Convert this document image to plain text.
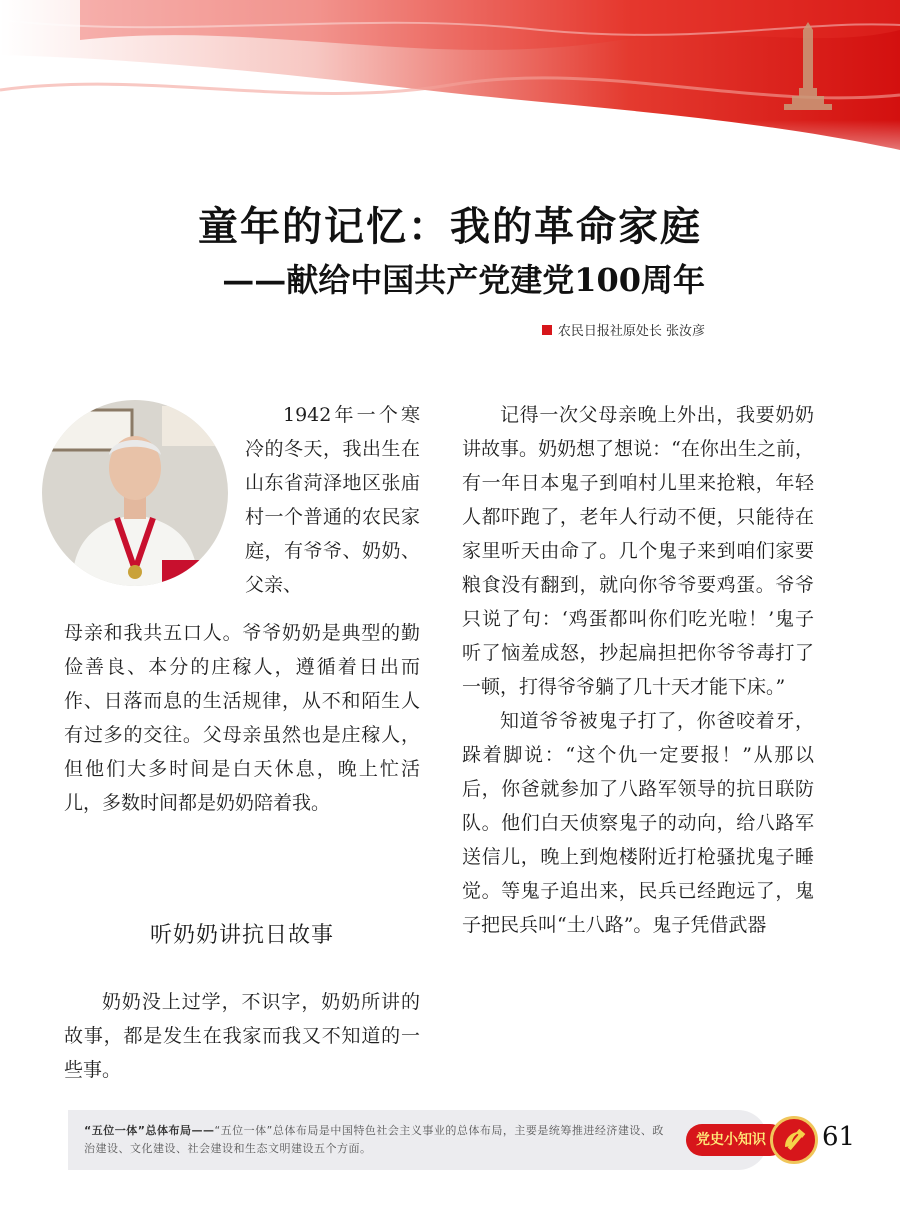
童年的记忆：我的革命家庭
——献给中国共产党建党100周年
农民日报社原处长 张汝彦

1942年一个寒冷的冬天，我出生在山东省菏泽地区张庙村一个普通的农民家庭，有爷爷、奶奶、父亲、

母亲和我共五口人。爷爷奶奶是典型的勤俭善良、本分的庄稼人，遵循着日出而作、日落而息的生活规律，从不和陌生人有过多的交往。父母亲虽然也是庄稼人，但他们大多时间是白天休息，晚上忙活儿，多数时间都是奶奶陪着我。

听奶奶讲抗日故事

奶奶没上过学，不识字，奶奶所讲的故事，都是发生在我家而我又不知道的一些事。

记得一次父母亲晚上外出，我要奶奶讲故事。奶奶想了想说：“在你出生之前，有一年日本鬼子到咱村儿里来抢粮，年轻人都吓跑了，老年人行动不便，只能待在家里听天由命了。几个鬼子来到咱们家要粮食没有翻到，就向你爷爷要鸡蛋。爷爷只说了句：‘鸡蛋都叫你们吃光啦！’鬼子听了恼羞成怒，抄起扁担把你爷爷毒打了一顿，打得爷爷躺了几十天才能下床。”

知道爷爷被鬼子打了，你爸咬着牙，跺着脚说：“这个仇一定要报！”从那以后，你爸就参加了八路军领导的抗日联防队。他们白天侦察鬼子的动向，给八路军送信儿，晚上到炮楼附近打枪骚扰鬼子睡觉。等鬼子追出来，民兵已经跑远了，鬼子把民兵叫“土八路”。鬼子凭借武器

“五位一体”总体布局——“五位一体”总体布局是中国特色社会主义事业的总体布局，主要是统筹推进经济建设、政治建设、文化建设、社会建设和生态文明建设五个方面。
党史小知识	61
